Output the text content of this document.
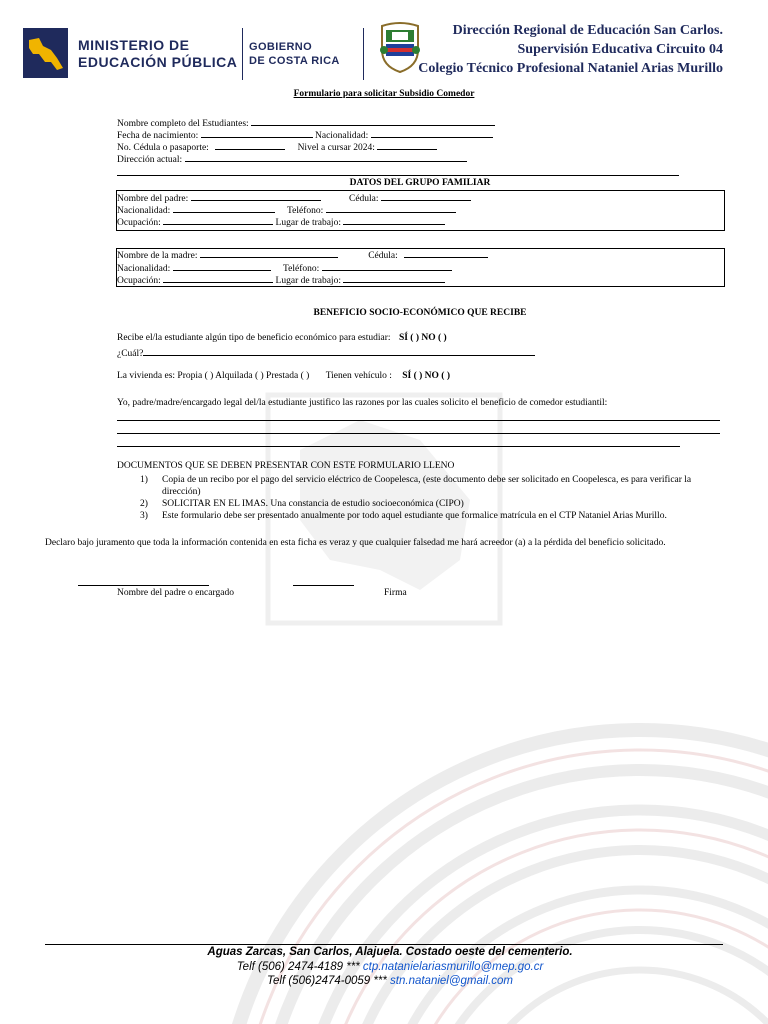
MINISTERIO DE
EDUCACIÓN PÚBLICA
GOBIERNO
DE COSTA RICA
Dirección Regional de Educación San Carlos.
Supervisión Educativa Circuito 04
Colegio Técnico Profesional Nataniel Arias Murillo
Formulario para solicitar Subsidio Comedor
Nombre completo del Estudiantes:
Fecha de nacimiento:	Nacionalidad:
No. Cédula o pasaporte:	Nivel a cursar 2024:
Dirección actual:
DATOS DEL GRUPO FAMILIAR
Nombre del padre:	Cédula:
Nacionalidad:	Teléfono:
Ocupación:	Lugar de trabajo:
Nombre de la madre:	Cédula:
Nacionalidad:	Teléfono:
Ocupación:	Lugar de trabajo:
BENEFICIO SOCIO-ECONÓMICO QUE RECIBE
Recibe el/la estudiante algún tipo de beneficio económico para estudiar: SÍ ( ) NO ( )
¿Cuál?
La vivienda es: Propia ( ) Alquilada ( ) Prestada ( ) Tienen vehículo : SÍ ( ) NO ( )
Yo, padre/madre/encargado legal del/la estudiante justifico las razones por las cuales solicito el beneficio de comedor estudiantil:
DOCUMENTOS QUE SE DEBEN PRESENTAR CON ESTE FORMULARIO LLENO
1)	Copia de un recibo por el pago del servicio eléctrico de Coopelesca, (este documento debe ser solicitado en Coopelesca, es para verificar la dirección)
2)	SOLICITAR EN EL IMAS. Una constancia de estudio socioeconómica (CIPO)
3)	Este formulario debe ser presentado anualmente por todo aquel estudiante que formalice matrícula en el CTP Nataniel Arias Murillo.
Declaro bajo juramento que toda la información contenida en esta ficha es veraz y que cualquier falsedad me hará acreedor (a) a la pérdida del beneficio solicitado.
Nombre del padre o encargado	Firma
Aguas Zarcas, San Carlos, Alajuela. Costado oeste del cementerio.
Telf (506) 2474-4189 *** ctp.natanielariasmurillo@mep.go.cr
Telf (506)2474-0059 *** stn.nataniel@gmail.com
